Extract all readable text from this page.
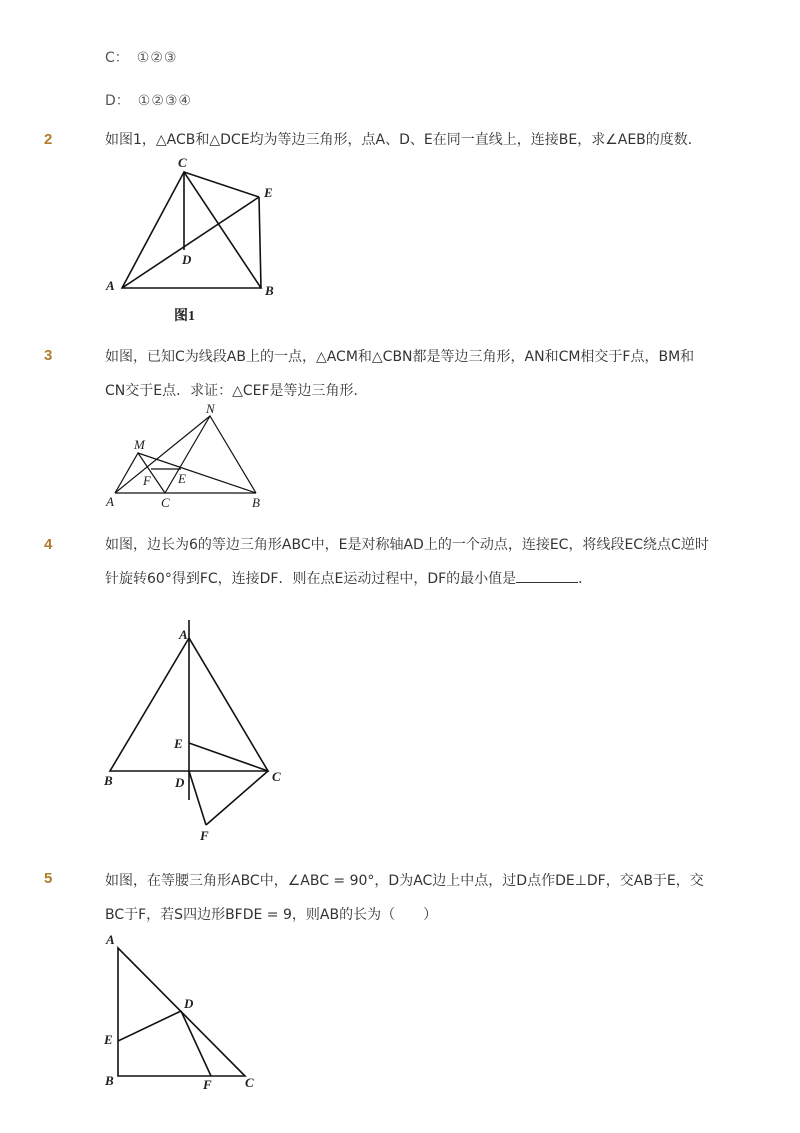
C： ①②③
D： ①②③④
2	如图1，△ACB和△DCE均为等边三角形，点A、D、E在同一直线上，连接BE，求∠AEB的度数．
C
E
D
A	B
图1
3	如图，已知C为线段AB上的一点，△ACM和△CBN都是等边三角形，AN和CM相交于F点，BM和
CN交于E点．求证：△CEF是等边三角形．
N
M
F E
A	C	B
4	如图，边长为6的等边三角形ABC中，E是对称轴AD上的一个动点，连接EC，将线段EC绕点C逆时
针旋转60°得到FC，连接DF．则在点E运动过程中，DF的最小值是	．
A
E
B	D	C
F
5	如图，在等腰三角形ABC中，∠ABC = 90°，D为AC边上中点，过D点作DE⊥DF，交AB于E，交
BC于F，若S四边形BFDE = 9，则AB的长为（　　）
A
D
E
B	F	C
